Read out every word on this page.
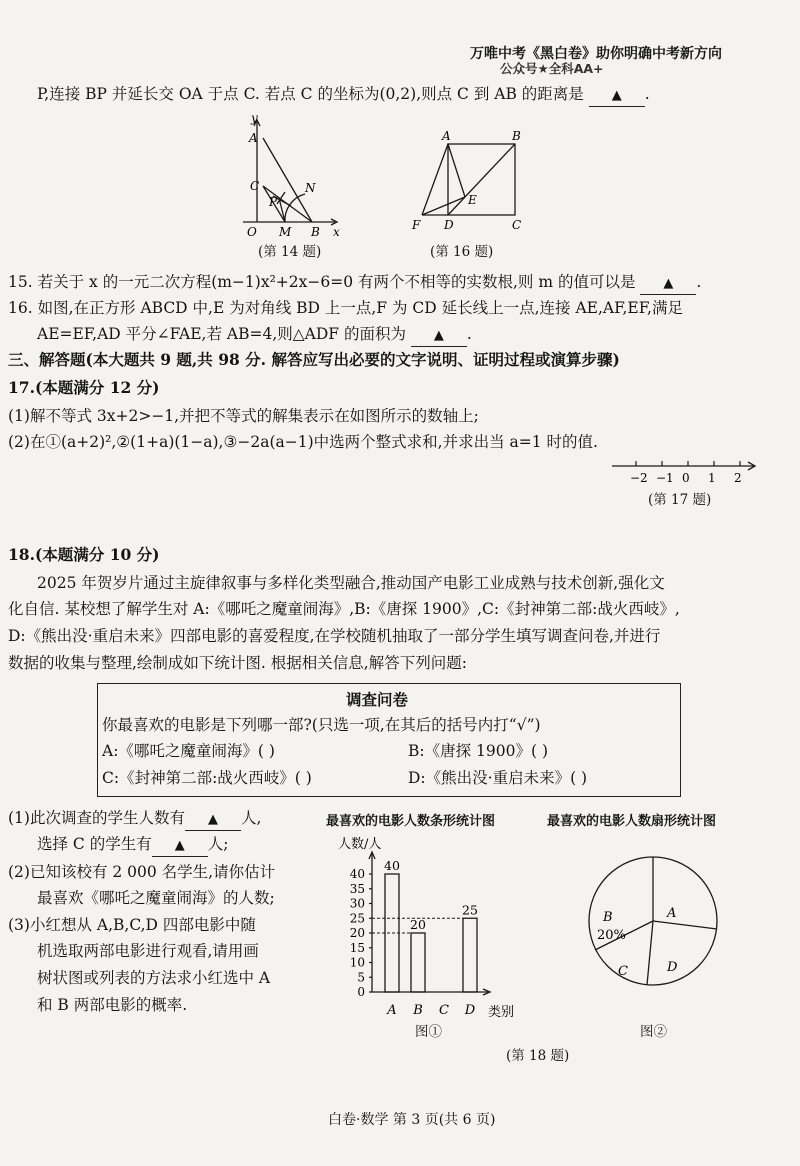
万唯中考《黑白卷》助你明确中考新方向
公众号★全科AA+
P,连接 BP 并延长交 OA 于点 C. 若点 C 的坐标为(0,2),则点 C 到 AB 的距离是 ▲ .
y
A
C
P
N
O M B x
(第 14 题)
A	B
E
F D	C
(第 16 题)
15. 若关于 x 的一元二次方程(m−1)x²+2x−6=0 有两个不相等的实数根,则 m 的值可以是 ▲ .
16. 如图,在正方形 ABCD 中,E 为对角线 BD 上一点,F 为 CD 延长线上一点,连接 AE,AF,EF,满足
AE=EF,AD 平分∠FAE,若 AB=4,则△ADF 的面积为 ▲ .
三、解答题(本大题共 9 题,共 98 分. 解答应写出必要的文字说明、证明过程或演算步骤)
17.(本题满分 12 分)
(1)解不等式 3x+2>−1,并把不等式的解集表示在如图所示的数轴上;
(2)在①(a+2)²,②(1+a)(1−a),③−2a(a−1)中选两个整式求和,并求出当 a=1 时的值.
−2 −1 0 1 2
(第 17 题)
18.(本题满分 10 分)
2025 年贺岁片通过主旋律叙事与多样化类型融合,推动国产电影工业成熟与技术创新,强化文
化自信. 某校想了解学生对 A:《哪吒之魔童闹海》,B:《唐探 1900》,C:《封神第二部:战火西岐》,
D:《熊出没·重启未来》四部电影的喜爱程度,在学校随机抽取了一部分学生填写调查问卷,并进行
数据的收集与整理,绘制成如下统计图. 根据相关信息,解答下列问题:
调查问卷
你最喜欢的电影是下列哪一部?(只选一项,在其后的括号内打“√”)
A:《哪吒之魔童闹海》( )	B:《唐探 1900》( )
C:《封神第二部:战火西岐》( )	D:《熊出没·重启未来》( )
(1)此次调查的学生人数有 ▲ 人,
选择 C 的学生有 ▲ 人;
(2)已知该校有 2 000 名学生,请你估计
最喜欢《哪吒之魔童闹海》的人数;
(3)小红想从 A,B,C,D 四部电影中随
机选取两部电影进行观看,请用画
树状图或列表的方法求小红选中 A
和 B 两部电影的概率.
最喜欢的电影人数条形统计图	最喜欢的电影人数扇形统计图
人数/人
类别
0
5
10
15
20
25
30
35
40
40
20
25
A B C D
图①
B
20%
A
C	D
图②
(第 18 题)
白卷·数学 第 3 页(共 6 页)
